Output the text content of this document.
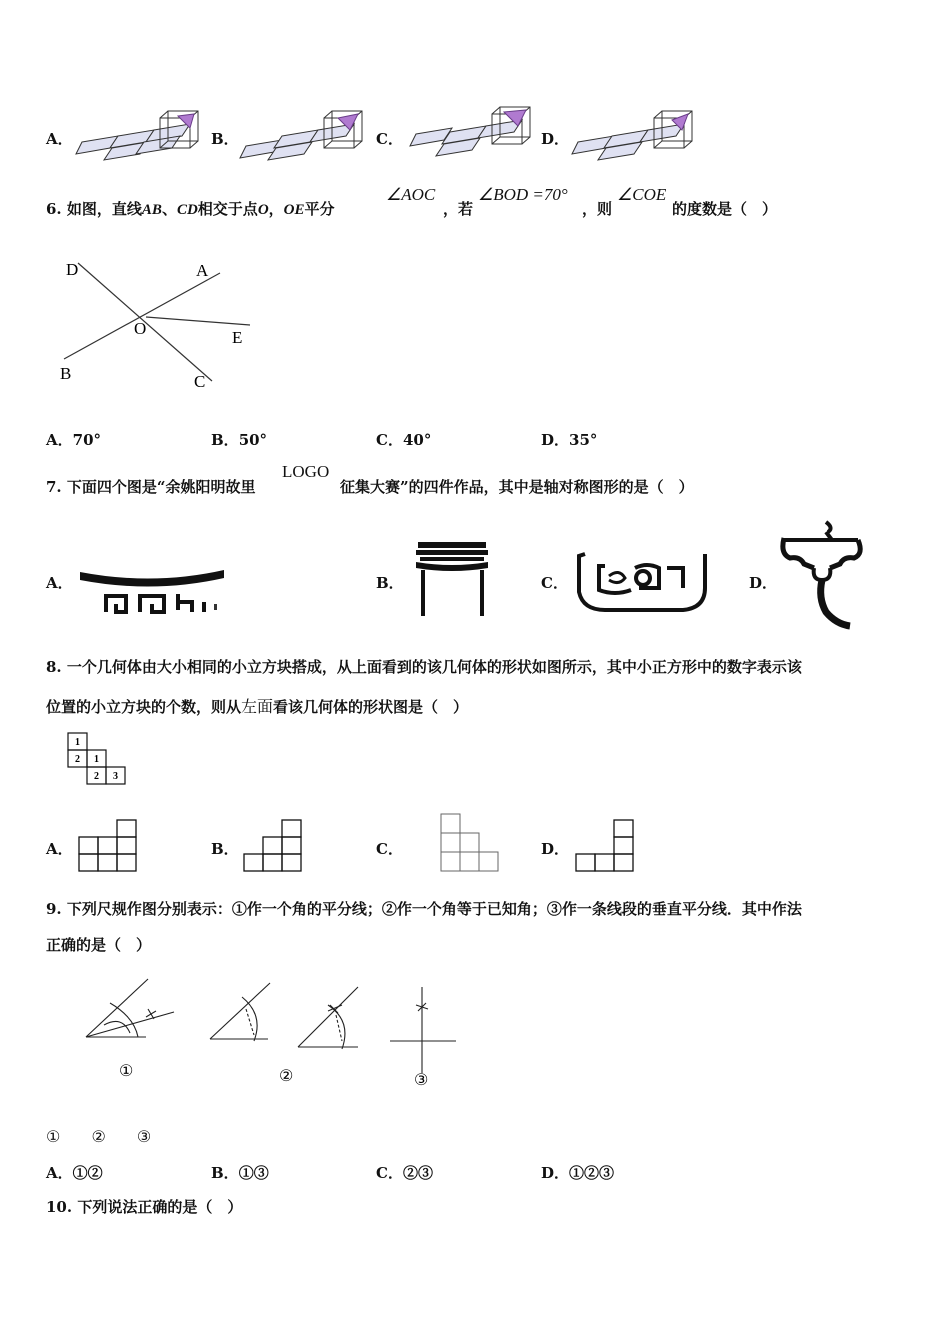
A．	B．	C．	D．
6. 如图，直线AB、CD相交于点O，OE平分
∠AOC
，若
∠BOD =70°
，则
∠COE
的度数是（　）
D	A
O	E
B	C
A．70°	B．50°	C．40°	D．35°
7. 下面四个图是“余姚阳明故里
LOGO
征集大赛”的四件作品，其中是轴对称图形的是（　）
A．	B．	C．	D．
8. 一个几何体由大小相同的小立方块搭成，从上面看到的该几何体的形状如图所示，其中小正方形中的数字表示该
位置的小立方块的个数，则从左面看该几何体的形状图是（　）
1
2 1
2 3
A．	B．	C．	D．
9. 下列尺规作图分别表示：①作一个角的平分线；②作一个角等于已知角；③作一条线段的垂直平分线．其中作法
正确的是（　）
①	②	③
① ② ③
A．①②	B．①③	C．②③	D．①②③
10. 下列说法正确的是（　）
